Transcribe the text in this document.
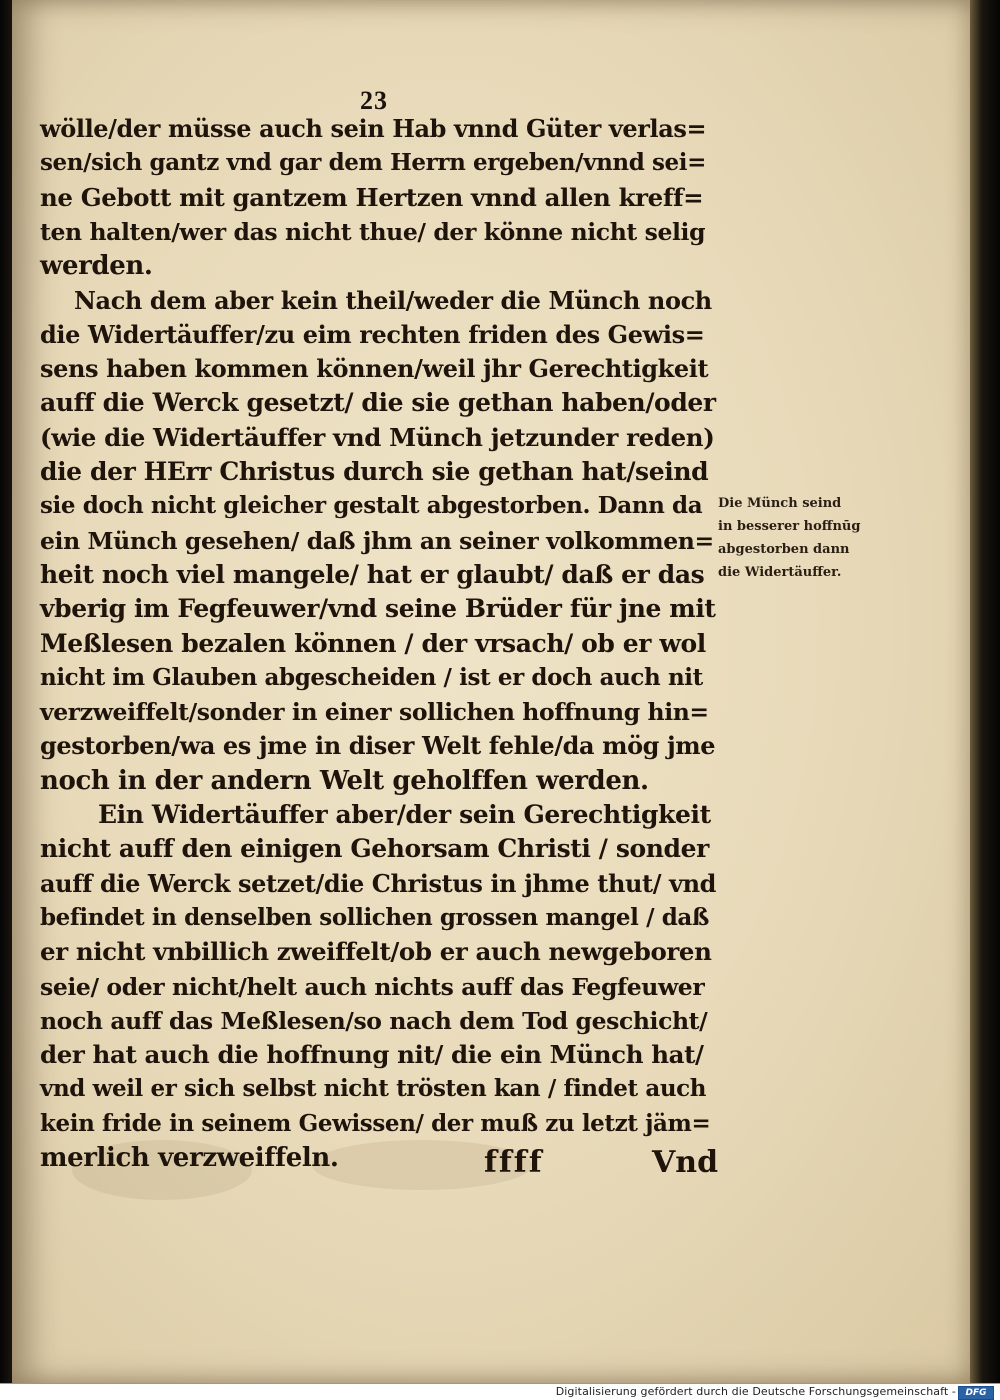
23
wölle/der müsse auch sein Hab vnnd Güter verlas=
sen/sich gantz vnd gar dem Herrn ergeben/vnnd sei=
ne Gebott mit gantzem Hertzen vnnd allen kreff=
ten halten/wer das nicht thue/ der könne nicht selig
werden.
Nach dem aber kein theil/weder die Münch noch
die Widertäuffer/zu eim rechten friden des Gewis=
sens haben kommen können/weil jhr Gerechtigkeit
auff die Werck gesetzt/ die sie gethan haben/oder
(wie die Widertäuffer vnd Münch jetzunder reden)
die der HErr Christus durch sie gethan hat/seind
sie doch nicht gleicher gestalt abgestorben. Dann da
ein Münch gesehen/ daß jhm an seiner volkommen=
heit noch viel mangele/ hat er glaubt/ daß er das
vberig im Fegfeuwer/vnd seine Brüder für jne mit
Meßlesen bezalen können / der vrsach/ ob er wol
nicht im Glauben abgescheiden / ist er doch auch nit
verzweiffelt/sonder in einer sollichen hoffnung hin=
gestorben/wa es jme in diser Welt fehle/da mög jme
noch in der andern Welt geholffen werden.
Ein Widertäuffer aber/der sein Gerechtigkeit
nicht auff den einigen Gehorsam Christi / sonder
auff die Werck setzet/die Christus in jhme thut/ vnd
befindet in denselben sollichen grossen mangel / daß
er nicht vnbillich zweiffelt/ob er auch newgeboren
seie/ oder nicht/helt auch nichts auff das Fegfeuwer
noch auff das Meßlesen/so nach dem Tod geschicht/
der hat auch die hoffnung nit/ die ein Münch hat/
vnd weil er sich selbst nicht trösten kan / findet auch
kein fride in seinem Gewissen/ der muß zu letzt jäm=
merlich verzweiffeln.
Die Münch seind
in besserer hoffnūg
abgestorben dann
die Widertäuffer.
ffff	Vnd
Digitalisierung gefördert durch die Deutsche Forschungsgemeinschaft -	DFG
